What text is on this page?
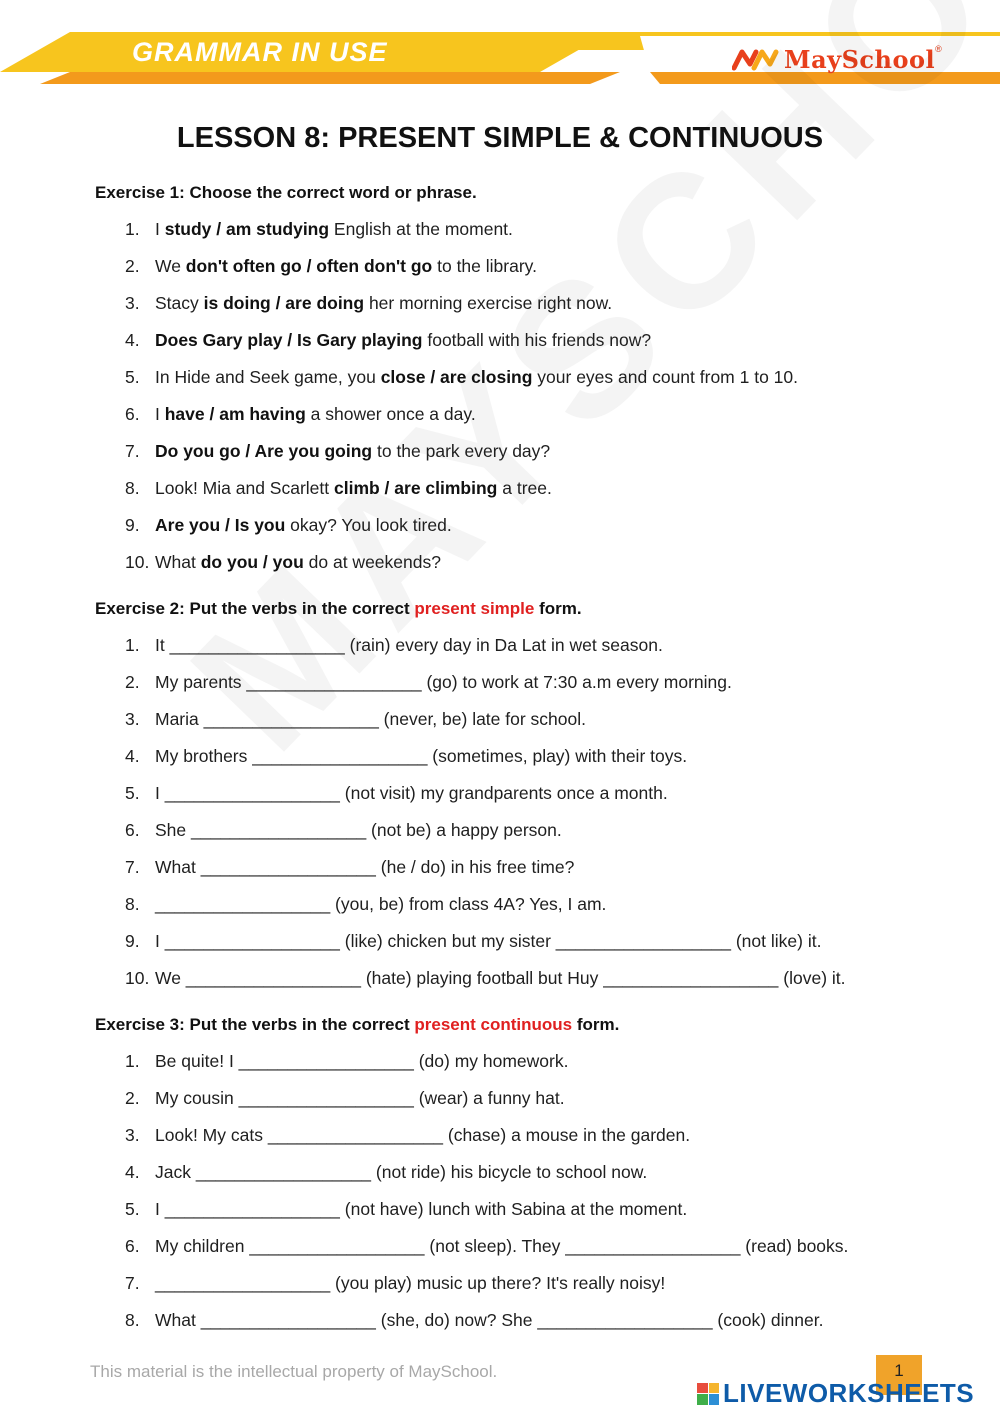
GRAMMAR IN USE	MaySchool ®
LESSON 8: PRESENT SIMPLE & CONTINUOUS
Exercise 1: Choose the correct word or phrase.
1. I study / am studying English at the moment.
2. We don't often go / often don't go to the library.
3. Stacy is doing / are doing her morning exercise right now.
4. Does Gary play / Is Gary playing football with his friends now?
5. In Hide and Seek game, you close / are closing your eyes and count from 1 to 10.
6. I have / am having a shower once a day.
7. Do you go / Are you going to the park every day?
8. Look! Mia and Scarlett climb / are climbing a tree.
9. Are you / Is you okay? You look tired.
10. What do you / you do at weekends?
Exercise 2: Put the verbs in the correct present simple form.
1. It __________________ (rain) every day in Da Lat in wet season.
2. My parents __________________ (go) to work at 7:30 a.m every morning.
3. Maria __________________ (never, be) late for school.
4. My brothers __________________ (sometimes, play) with their toys.
5. I __________________ (not visit) my grandparents once a month.
6. She __________________ (not be) a happy person.
7. What __________________ (he / do) in his free time?
8. __________________ (you, be) from class 4A? Yes, I am.
9. I __________________ (like) chicken but my sister __________________ (not like) it.
10. We __________________ (hate) playing football but Huy __________________ (love) it.
Exercise 3: Put the verbs in the correct present continuous form.
1. Be quite! I __________________ (do) my homework.
2. My cousin __________________ (wear) a funny hat.
3. Look! My cats __________________ (chase) a mouse in the garden.
4. Jack __________________ (not ride) his bicycle to school now.
5. I __________________ (not have) lunch with Sabina at the moment.
6. My children __________________ (not sleep). They __________________ (read) books.
7. __________________ (you play) music up there? It's really noisy!
8. What __________________ (she, do) now? She __________________ (cook) dinner.
This material is the intellectual property of MaySchool.	1
LIVEWORKSHEETS
